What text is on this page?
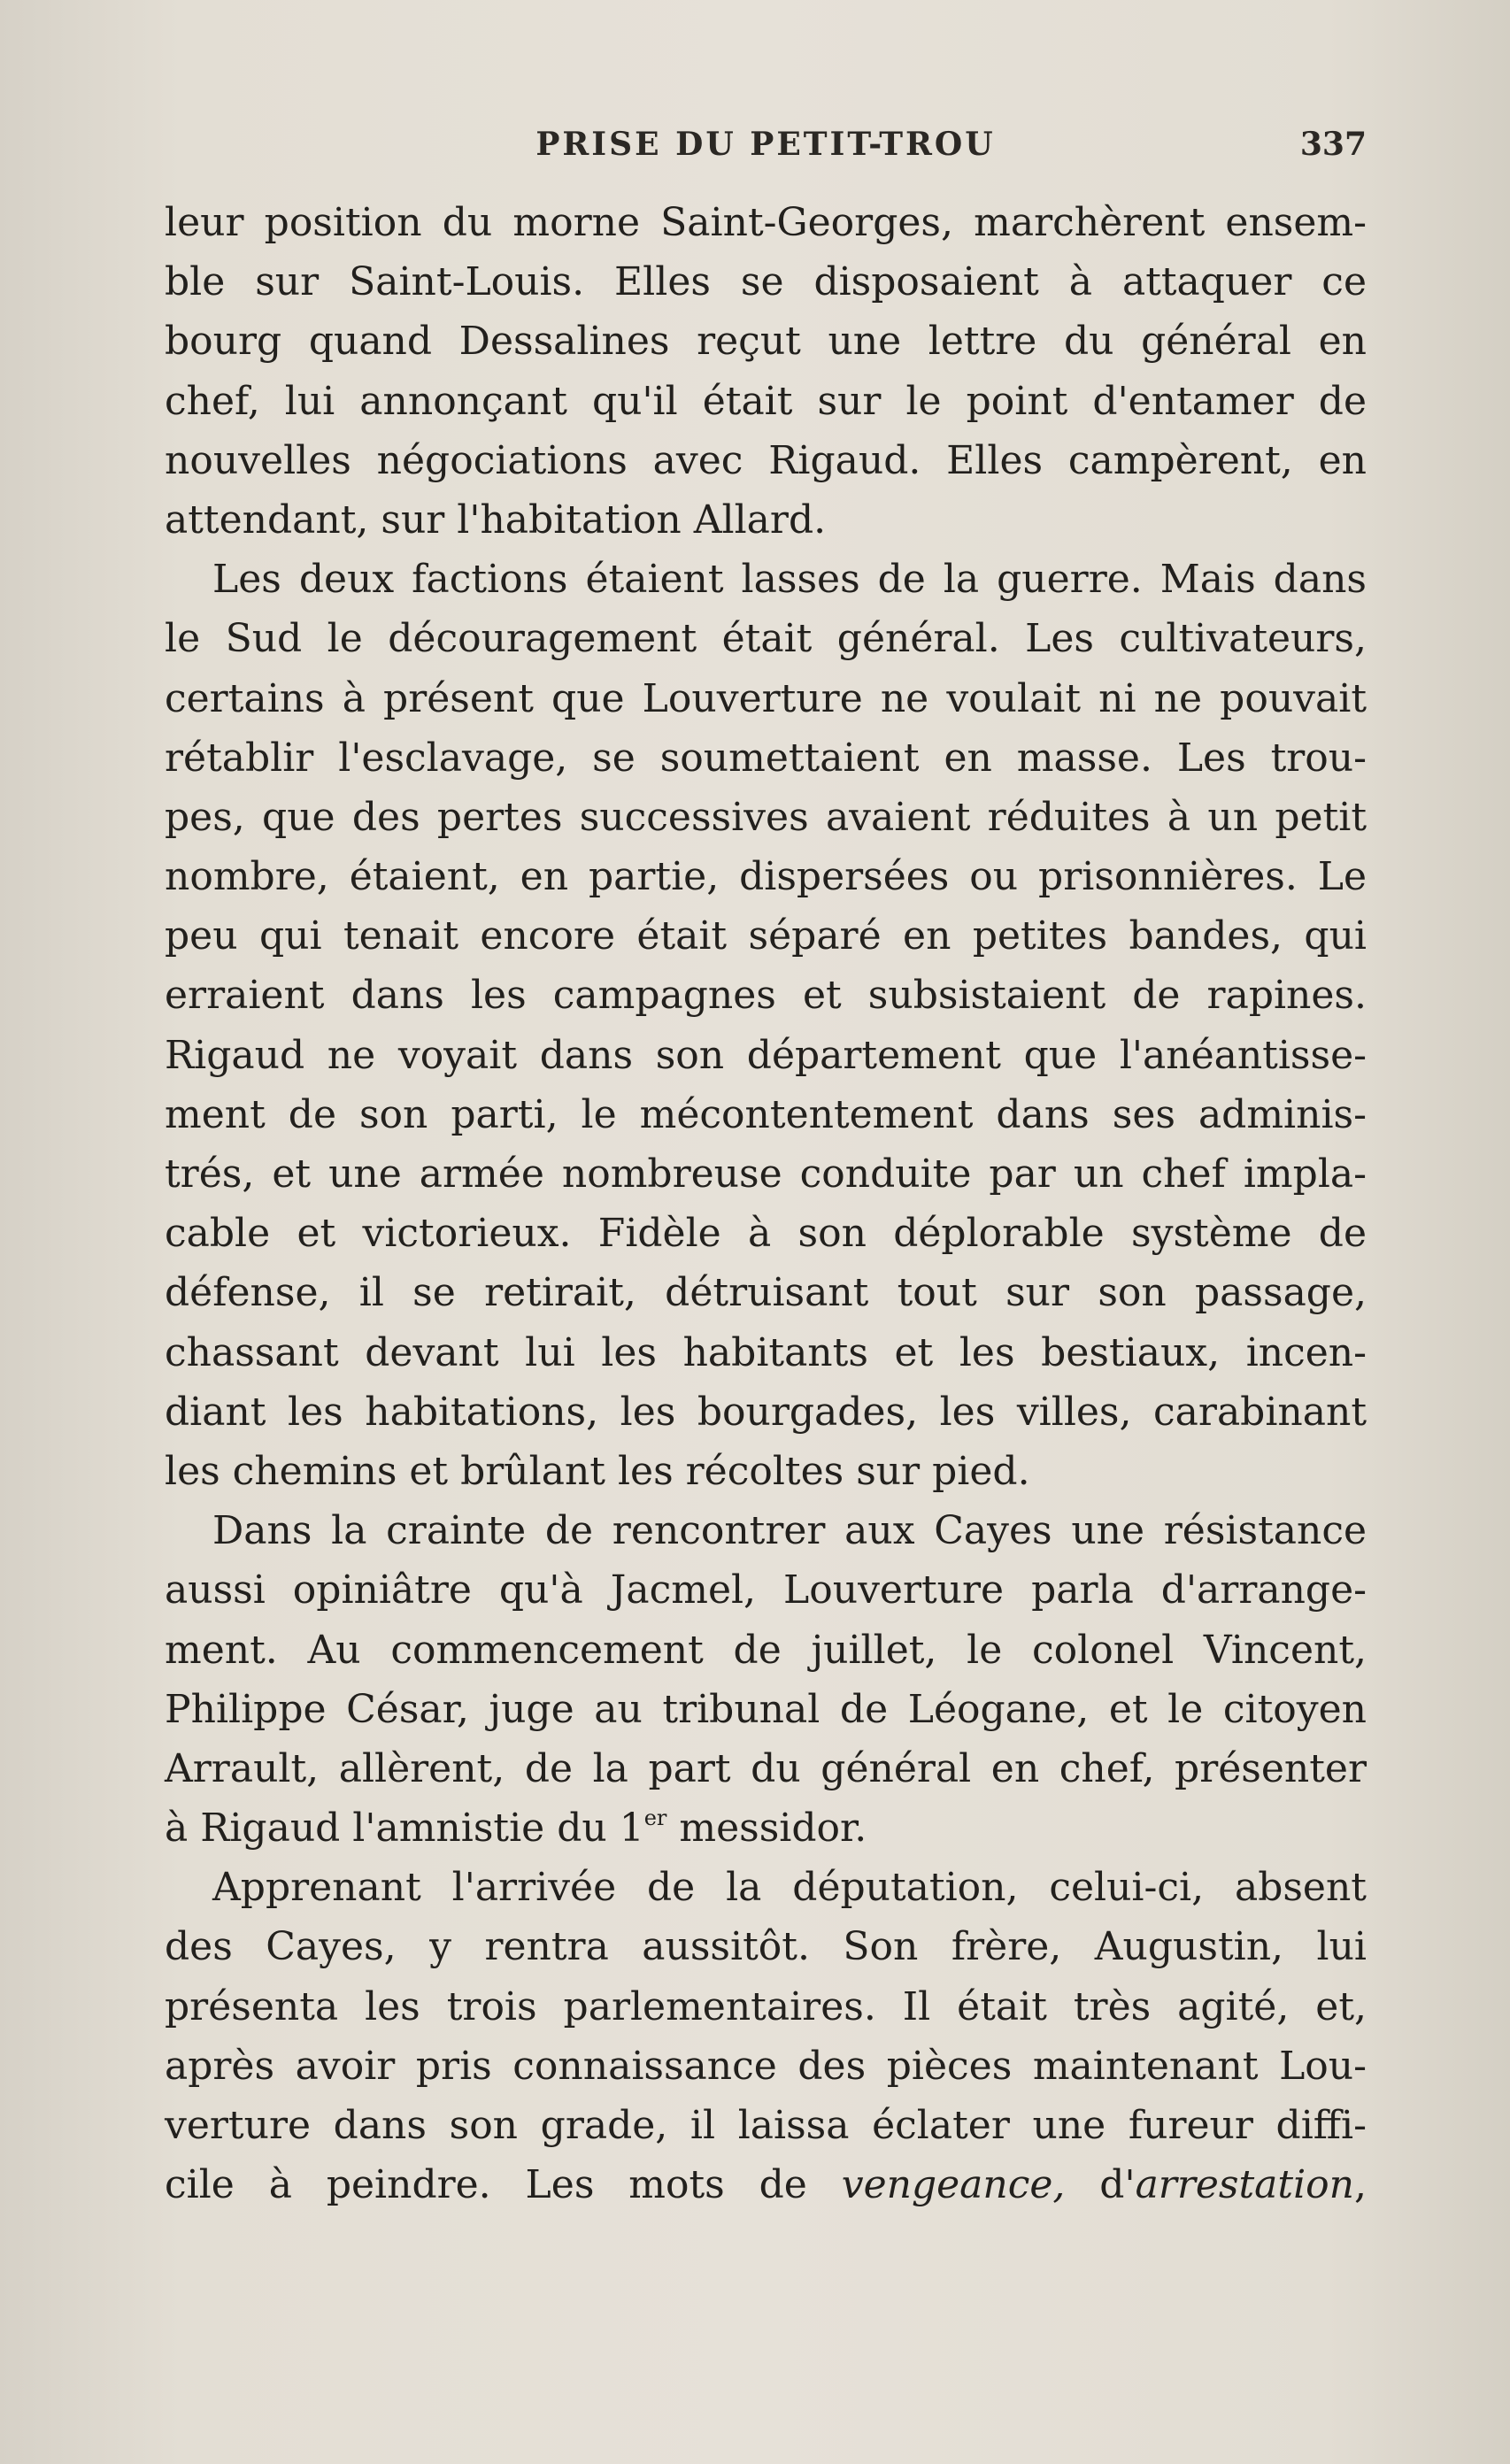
PRISE DU PETIT-TROU	337
leur position du morne Saint-Georges, marchèrent ensem-
ble sur Saint-Louis. Elles se disposaient à attaquer ce
bourg quand Dessalines reçut une lettre du général en
chef, lui annonçant qu'il était sur le point d'entamer de
nouvelles négociations avec Rigaud. Elles campèrent, en
attendant, sur l'habitation Allard.
Les deux factions étaient lasses de la guerre. Mais dans
le Sud le découragement était général. Les cultivateurs,
certains à présent que Louverture ne voulait ni ne pouvait
rétablir l'esclavage, se soumettaient en masse. Les trou-
pes, que des pertes successives avaient réduites à un petit
nombre, étaient, en partie, dispersées ou prisonnières. Le
peu qui tenait encore était séparé en petites bandes, qui
erraient dans les campagnes et subsistaient de rapines.
Rigaud ne voyait dans son département que l'anéantisse-
ment de son parti, le mécontentement dans ses adminis-
trés, et une armée nombreuse conduite par un chef impla-
cable et victorieux. Fidèle à son déplorable système de
défense, il se retirait, détruisant tout sur son passage,
chassant devant lui les habitants et les bestiaux, incen-
diant les habitations, les bourgades, les villes, carabinant
les chemins et brûlant les récoltes sur pied.
Dans la crainte de rencontrer aux Cayes une résistance
aussi opiniâtre qu'à Jacmel, Louverture parla d'arrange-
ment. Au commencement de juillet, le colonel Vincent,
Philippe César, juge au tribunal de Léogane, et le citoyen
Arrault, allèrent, de la part du général en chef, présenter
à Rigaud l'amnistie du 1er messidor.
Apprenant l'arrivée de la députation, celui-ci, absent
des Cayes, y rentra aussitôt. Son frère, Augustin, lui
présenta les trois parlementaires. Il était très agité, et,
après avoir pris connaissance des pièces maintenant Lou-
verture dans son grade, il laissa éclater une fureur diffi-
cile à peindre. Les mots de vengeance, d'arrestation,
